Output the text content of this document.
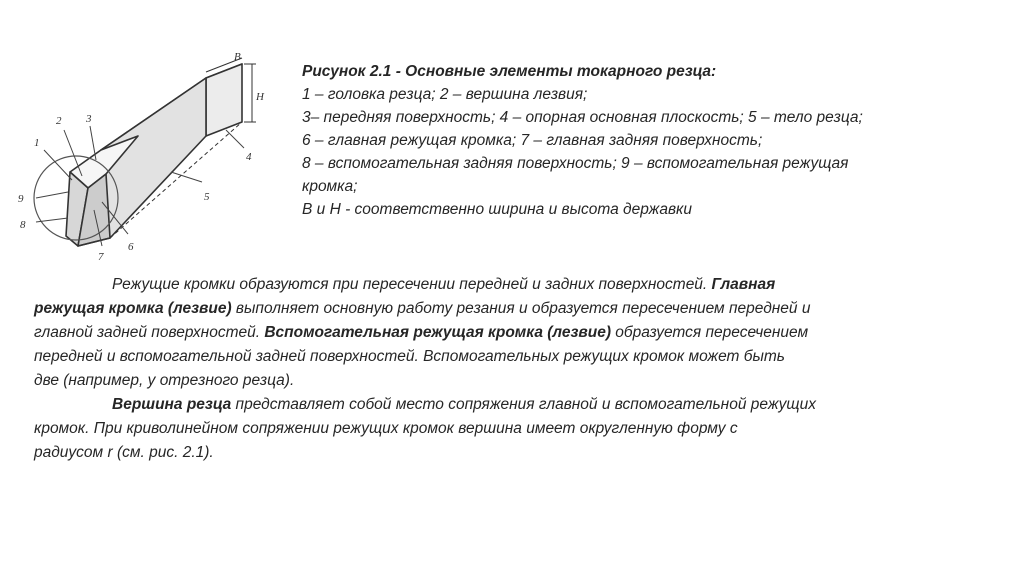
1
2 3
4
5
6
7
8
9
B
H
Рисунок 2.1 - Основные элементы токарного резца:
1 – головка резца; 2 – вершина лезвия;
3– передняя поверхность; 4 – опорная основная плоскость; 5 – тело резца;
6 – главная режущая кромка; 7 – главная задняя поверхность;
8 – вспомогательная задняя поверхность; 9 – вспомогательная режущая
кромка;
В и Н - соответственно ширина и высота державки
Режущие кромки образуются при пересечении передней и задних поверхностей. Главная
режущая кромка (лезвие) выполняет основную работу резания и образуется пересечением передней и
главной задней поверхностей. Вспомогательная режущая кромка (лезвие) образуется пересечением
передней и вспомогательной задней поверхностей. Вспомогательных режущих кромок может быть
две (например, у отрезного резца).
Вершина резца представляет собой место сопряжения главной и вспомогательной режущих
кромок. При криволинейном сопряжении режущих кромок вершина имеет округленную форму с
радиусом r (см. рис. 2.1).
